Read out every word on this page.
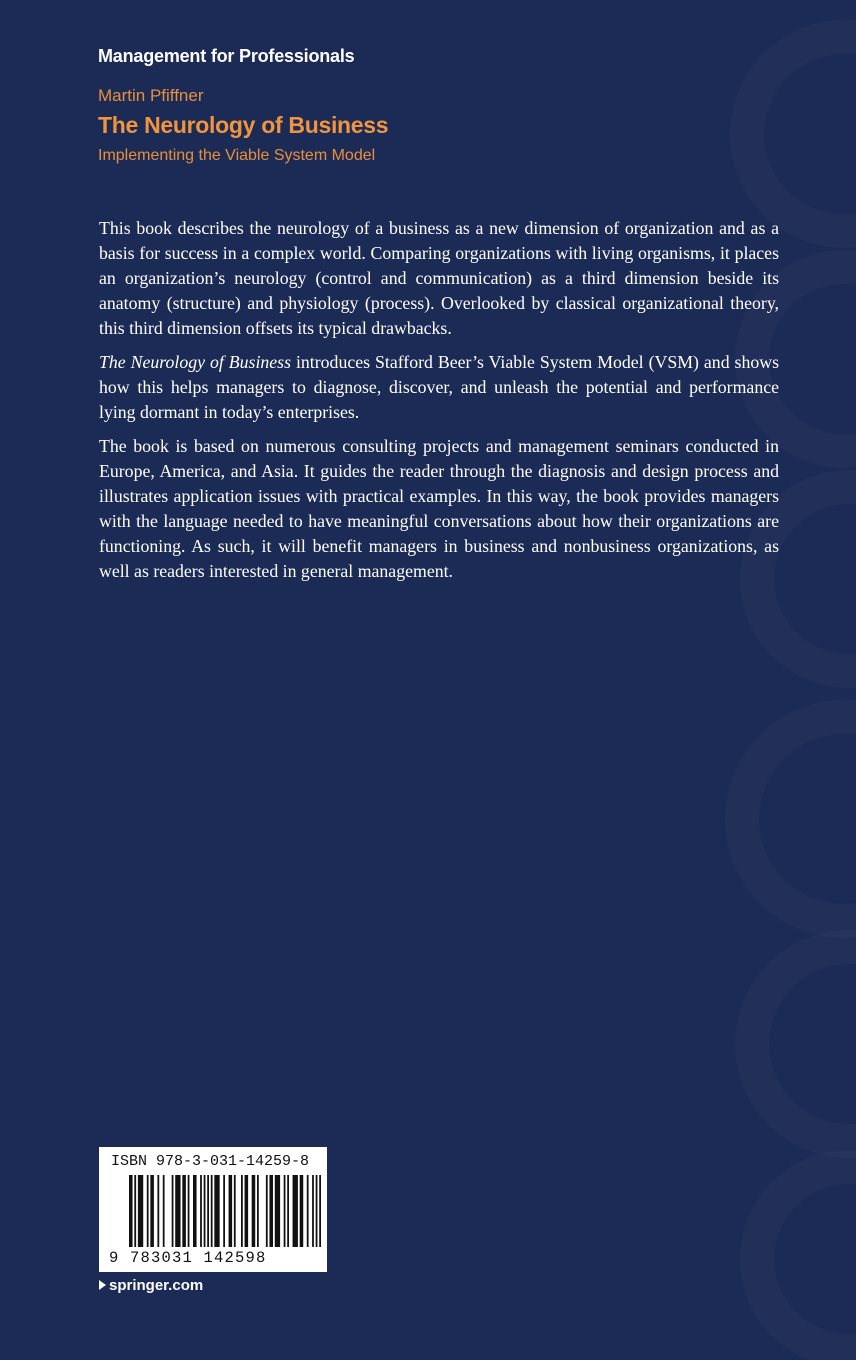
Management for Professionals
Martin Pfiffner
The Neurology of Business
Implementing the Viable System Model

This book describes the neurology of a business as a new dimension of organization and as a basis for success in a complex world. Comparing organizations with living organisms, it places an organization’s neurology (control and communication) as a third dimension beside its anatomy (structure) and physiology (process). Overlooked by classical organizational theory, this third dimension offsets its typical drawbacks.

The Neurology of Business introduces Stafford Beer’s Viable System Model (VSM) and shows how this helps managers to diagnose, discover, and unleash the potential and performance lying dormant in today’s enterprises.

The book is based on numerous consulting projects and management seminars conducted in Europe, America, and Asia. It guides the reader through the diagnosis and design process and illustrates application issues with practical examples. In this way, the book provides managers with the language needed to have meaningful conversations about how their organizations are functioning. As such, it will benefit managers in business and nonbusiness organizations, as well as readers interested in general management.

ISBN 978-3-031-14259-8
9 783031 142598
springer.com
